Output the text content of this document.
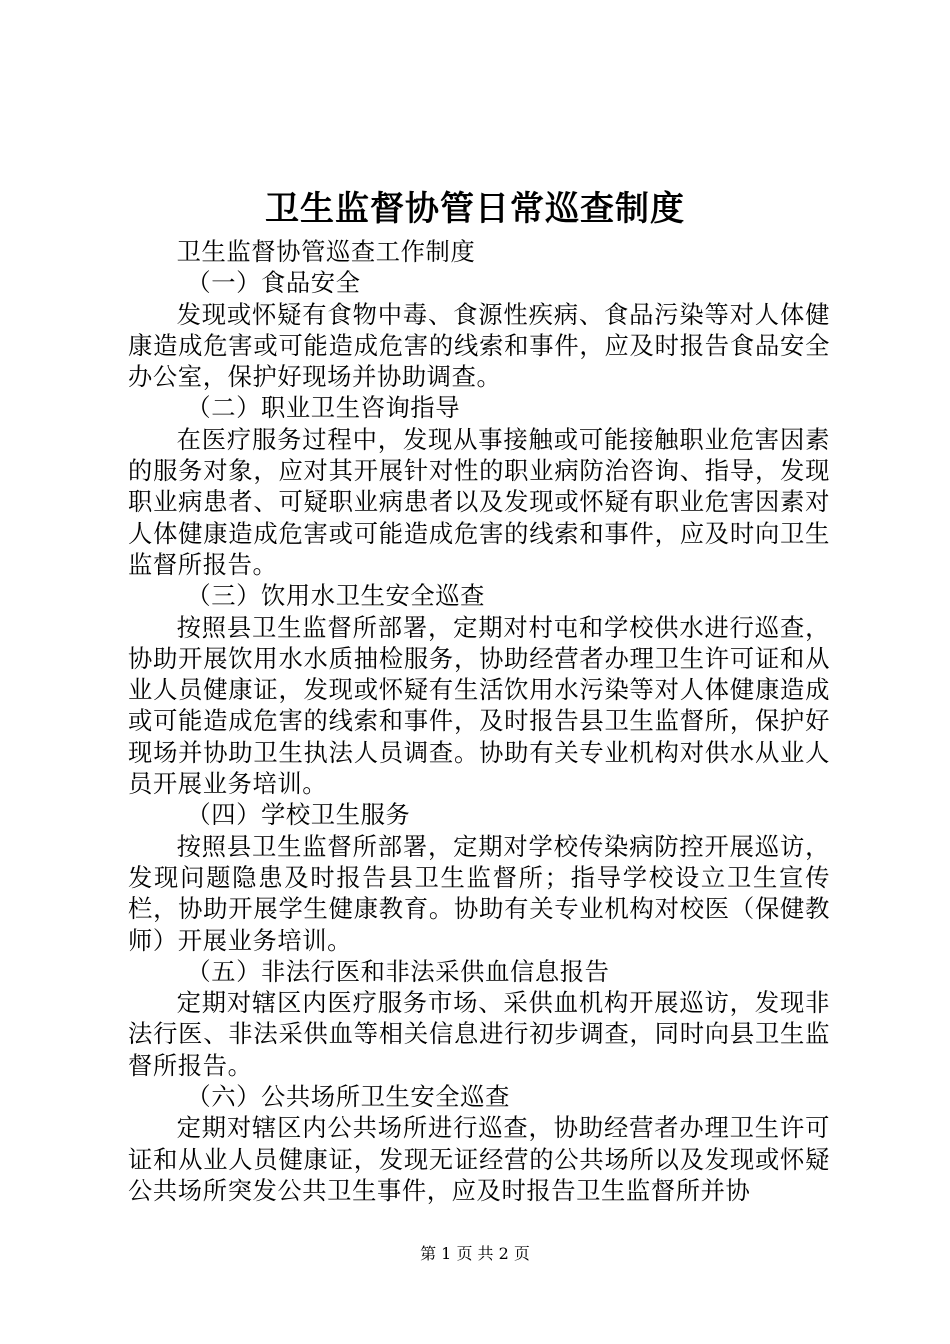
卫生监督协管日常巡查制度

卫生监督协管巡查工作制度

（一）食品安全

发现或怀疑有食物中毒、食源性疾病、食品污染等对人体健康造成危害或可能造成危害的线索和事件，应及时报告食品安全办公室，保护好现场并协助调查。

（二）职业卫生咨询指导

在医疗服务过程中，发现从事接触或可能接触职业危害因素的服务对象，应对其开展针对性的职业病防治咨询、指导，发现职业病患者、可疑职业病患者以及发现或怀疑有职业危害因素对人体健康造成危害或可能造成危害的线索和事件，应及时向卫生监督所报告。

（三）饮用水卫生安全巡查

按照县卫生监督所部署，定期对村屯和学校供水进行巡查，协助开展饮用水水质抽检服务，协助经营者办理卫生许可证和从业人员健康证，发现或怀疑有生活饮用水污染等对人体健康造成或可能造成危害的线索和事件，及时报告县卫生监督所，保护好现场并协助卫生执法人员调查。协助有关专业机构对供水从业人员开展业务培训。

（四）学校卫生服务

按照县卫生监督所部署，定期对学校传染病防控开展巡访，发现问题隐患及时报告县卫生监督所；指导学校设立卫生宣传栏，协助开展学生健康教育。协助有关专业机构对校医（保健教师）开展业务培训。

（五）非法行医和非法采供血信息报告

定期对辖区内医疗服务市场、采供血机构开展巡访，发现非法行医、非法采供血等相关信息进行初步调查，同时向县卫生监督所报告。

（六）公共场所卫生安全巡查

定期对辖区内公共场所进行巡查，协助经营者办理卫生许可证和从业人员健康证，发现无证经营的公共场所以及发现或怀疑公共场所突发公共卫生事件，应及时报告卫生监督所并协

第 1 页 共 2 页
